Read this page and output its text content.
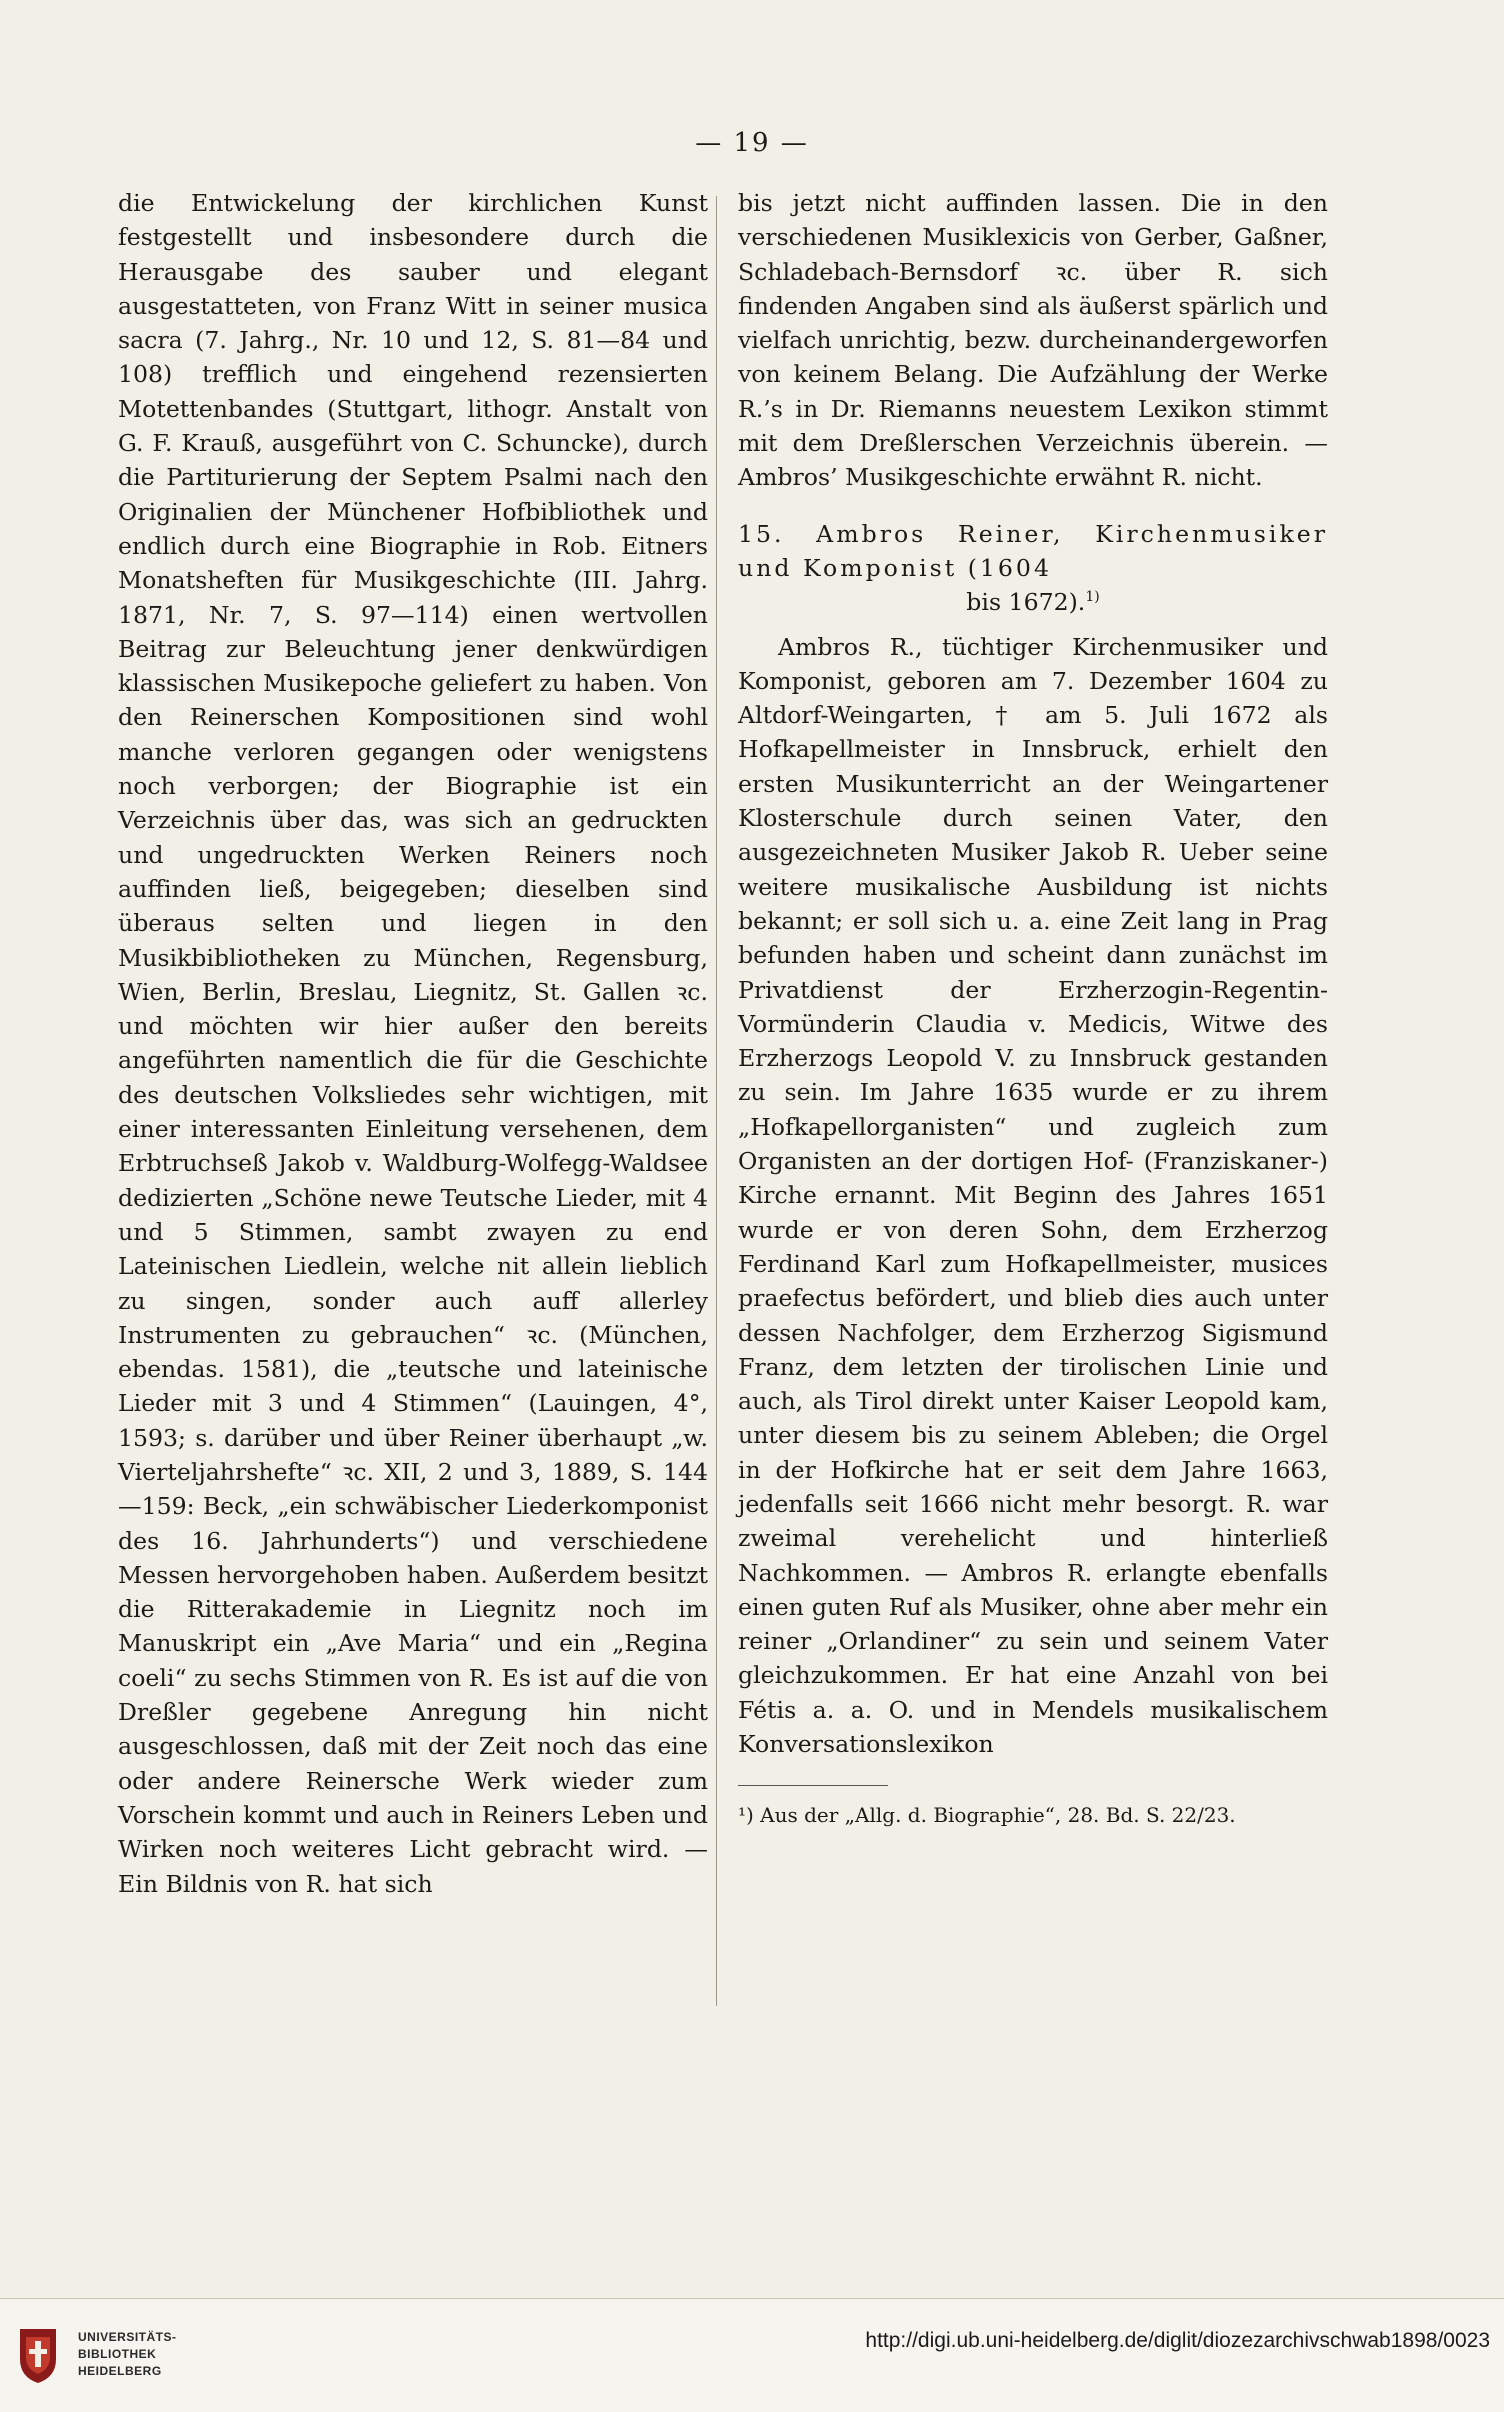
— 19 —

die Entwickelung der kirchlichen Kunst festgestellt und insbesondere durch die Herausgabe des sauber und elegant ausgestatteten, von Franz Witt in seiner musica sacra (7. Jahrg., Nr. 10 und 12, S. 81—84 und 108) trefflich und eingehend rezensierten Motettenbandes (Stuttgart, lithogr. Anstalt von G. F. Krauß, ausgeführt von C. Schuncke), durch die Partiturierung der Septem Psalmi nach den Originalien der Münchener Hofbibliothek und endlich durch eine Biographie in Rob. Eitners Monatsheften für Musikgeschichte (III. Jahrg. 1871, Nr. 7, S. 97—114) einen wertvollen Beitrag zur Beleuchtung jener denkwürdigen klassischen Musikepoche geliefert zu haben. Von den Reinerschen Kompositionen sind wohl manche verloren gegangen oder wenigstens noch verborgen; der Biographie ist ein Verzeichnis über das, was sich an gedruckten und ungedruckten Werken Reiners noch auffinden ließ, beigegeben; dieselben sind überaus selten und liegen in den Musikbibliotheken zu München, Regensburg, Wien, Berlin, Breslau, Liegnitz, St. Gallen ꝛc. und möchten wir hier außer den bereits angeführten namentlich die für die Geschichte des deutschen Volksliedes sehr wichtigen, mit einer interessanten Einleitung versehenen, dem Erbtruchseß Jakob v. Waldburg-Wolfegg-Waldsee dedizierten „Schöne newe Teutsche Lieder, mit 4 und 5 Stimmen, sambt zwayen zu end Lateinischen Liedlein, welche nit allein lieblich zu singen, sonder auch auff allerley Instrumenten zu gebrauchen“ ꝛc. (München, ebendas. 1581), die „teutsche und lateinische Lieder mit 3 und 4 Stimmen“ (Lauingen, 4°, 1593; s. darüber und über Reiner überhaupt „w. Vierteljahrshefte“ ꝛc. XII, 2 und 3, 1889, S. 144—159: Beck, „ein schwäbischer Liederkomponist des 16. Jahrhunderts“) und verschiedene Messen hervorgehoben haben. Außerdem besitzt die Ritterakademie in Liegnitz noch im Manuskript ein „Ave Maria“ und ein „Regina coeli“ zu sechs Stimmen von R. Es ist auf die von Dreßler gegebene Anregung hin nicht ausgeschlossen, daß mit der Zeit noch das eine oder andere Reinersche Werk wieder zum Vorschein kommt und auch in Reiners Leben und Wirken noch weiteres Licht gebracht wird. — Ein Bildnis von R. hat sich

bis jetzt nicht auffinden lassen. Die in den verschiedenen Musiklexicis von Gerber, Gaßner, Schladebach-Bernsdorf ꝛc. über R. sich findenden Angaben sind als äußerst spärlich und vielfach unrichtig, bezw. durcheinandergeworfen von keinem Belang. Die Aufzählung der Werke R.’s in Dr. Riemanns neuestem Lexikon stimmt mit dem Dreßlerschen Verzeichnis überein. — Ambros’ Musikgeschichte erwähnt R. nicht.

15. Ambros Reiner, Kirchenmusiker und Komponist (1604
bis 1672).$^{1)}$

Ambros R., tüchtiger Kirchenmusiker und Komponist, geboren am 7. Dezember 1604 zu Altdorf-Weingarten, † am 5. Juli 1672 als Hofkapellmeister in Innsbruck, erhielt den ersten Musikunterricht an der Weingartener Klosterschule durch seinen Vater, den ausgezeichneten Musiker Jakob R. Ueber seine weitere musikalische Ausbildung ist nichts bekannt; er soll sich u. a. eine Zeit lang in Prag befunden haben und scheint dann zunächst im Privatdienst der Erzherzogin-Regentin-Vormünderin Claudia v. Medicis, Witwe des Erzherzogs Leopold V. zu Innsbruck gestanden zu sein. Im Jahre 1635 wurde er zu ihrem „Hofkapellorganisten“ und zugleich zum Organisten an der dortigen Hof- (Franziskaner-) Kirche ernannt. Mit Beginn des Jahres 1651 wurde er von deren Sohn, dem Erzherzog Ferdinand Karl zum Hofkapellmeister, musices praefectus befördert, und blieb dies auch unter dessen Nachfolger, dem Erzherzog Sigismund Franz, dem letzten der tirolischen Linie und auch, als Tirol direkt unter Kaiser Leopold kam, unter diesem bis zu seinem Ableben; die Orgel in der Hofkirche hat er seit dem Jahre 1663, jedenfalls seit 1666 nicht mehr besorgt. R. war zweimal verehelicht und hinterließ Nachkommen. — Ambros R. erlangte ebenfalls einen guten Ruf als Musiker, ohne aber mehr ein reiner „Orlandiner“ zu sein und seinem Vater gleichzukommen. Er hat eine Anzahl von bei Fétis a. a. O. und in Mendels musikalischem Konversationslexikon

¹) Aus der „Allg. d. Biographie“, 28. Bd. S. 22/23.

UNIVERSITÄTS-
BIBLIOTHEK
HEIDELBERG
http://digi.ub.uni-heidelberg.de/diglit/diozezarchivschwab1898/0023
